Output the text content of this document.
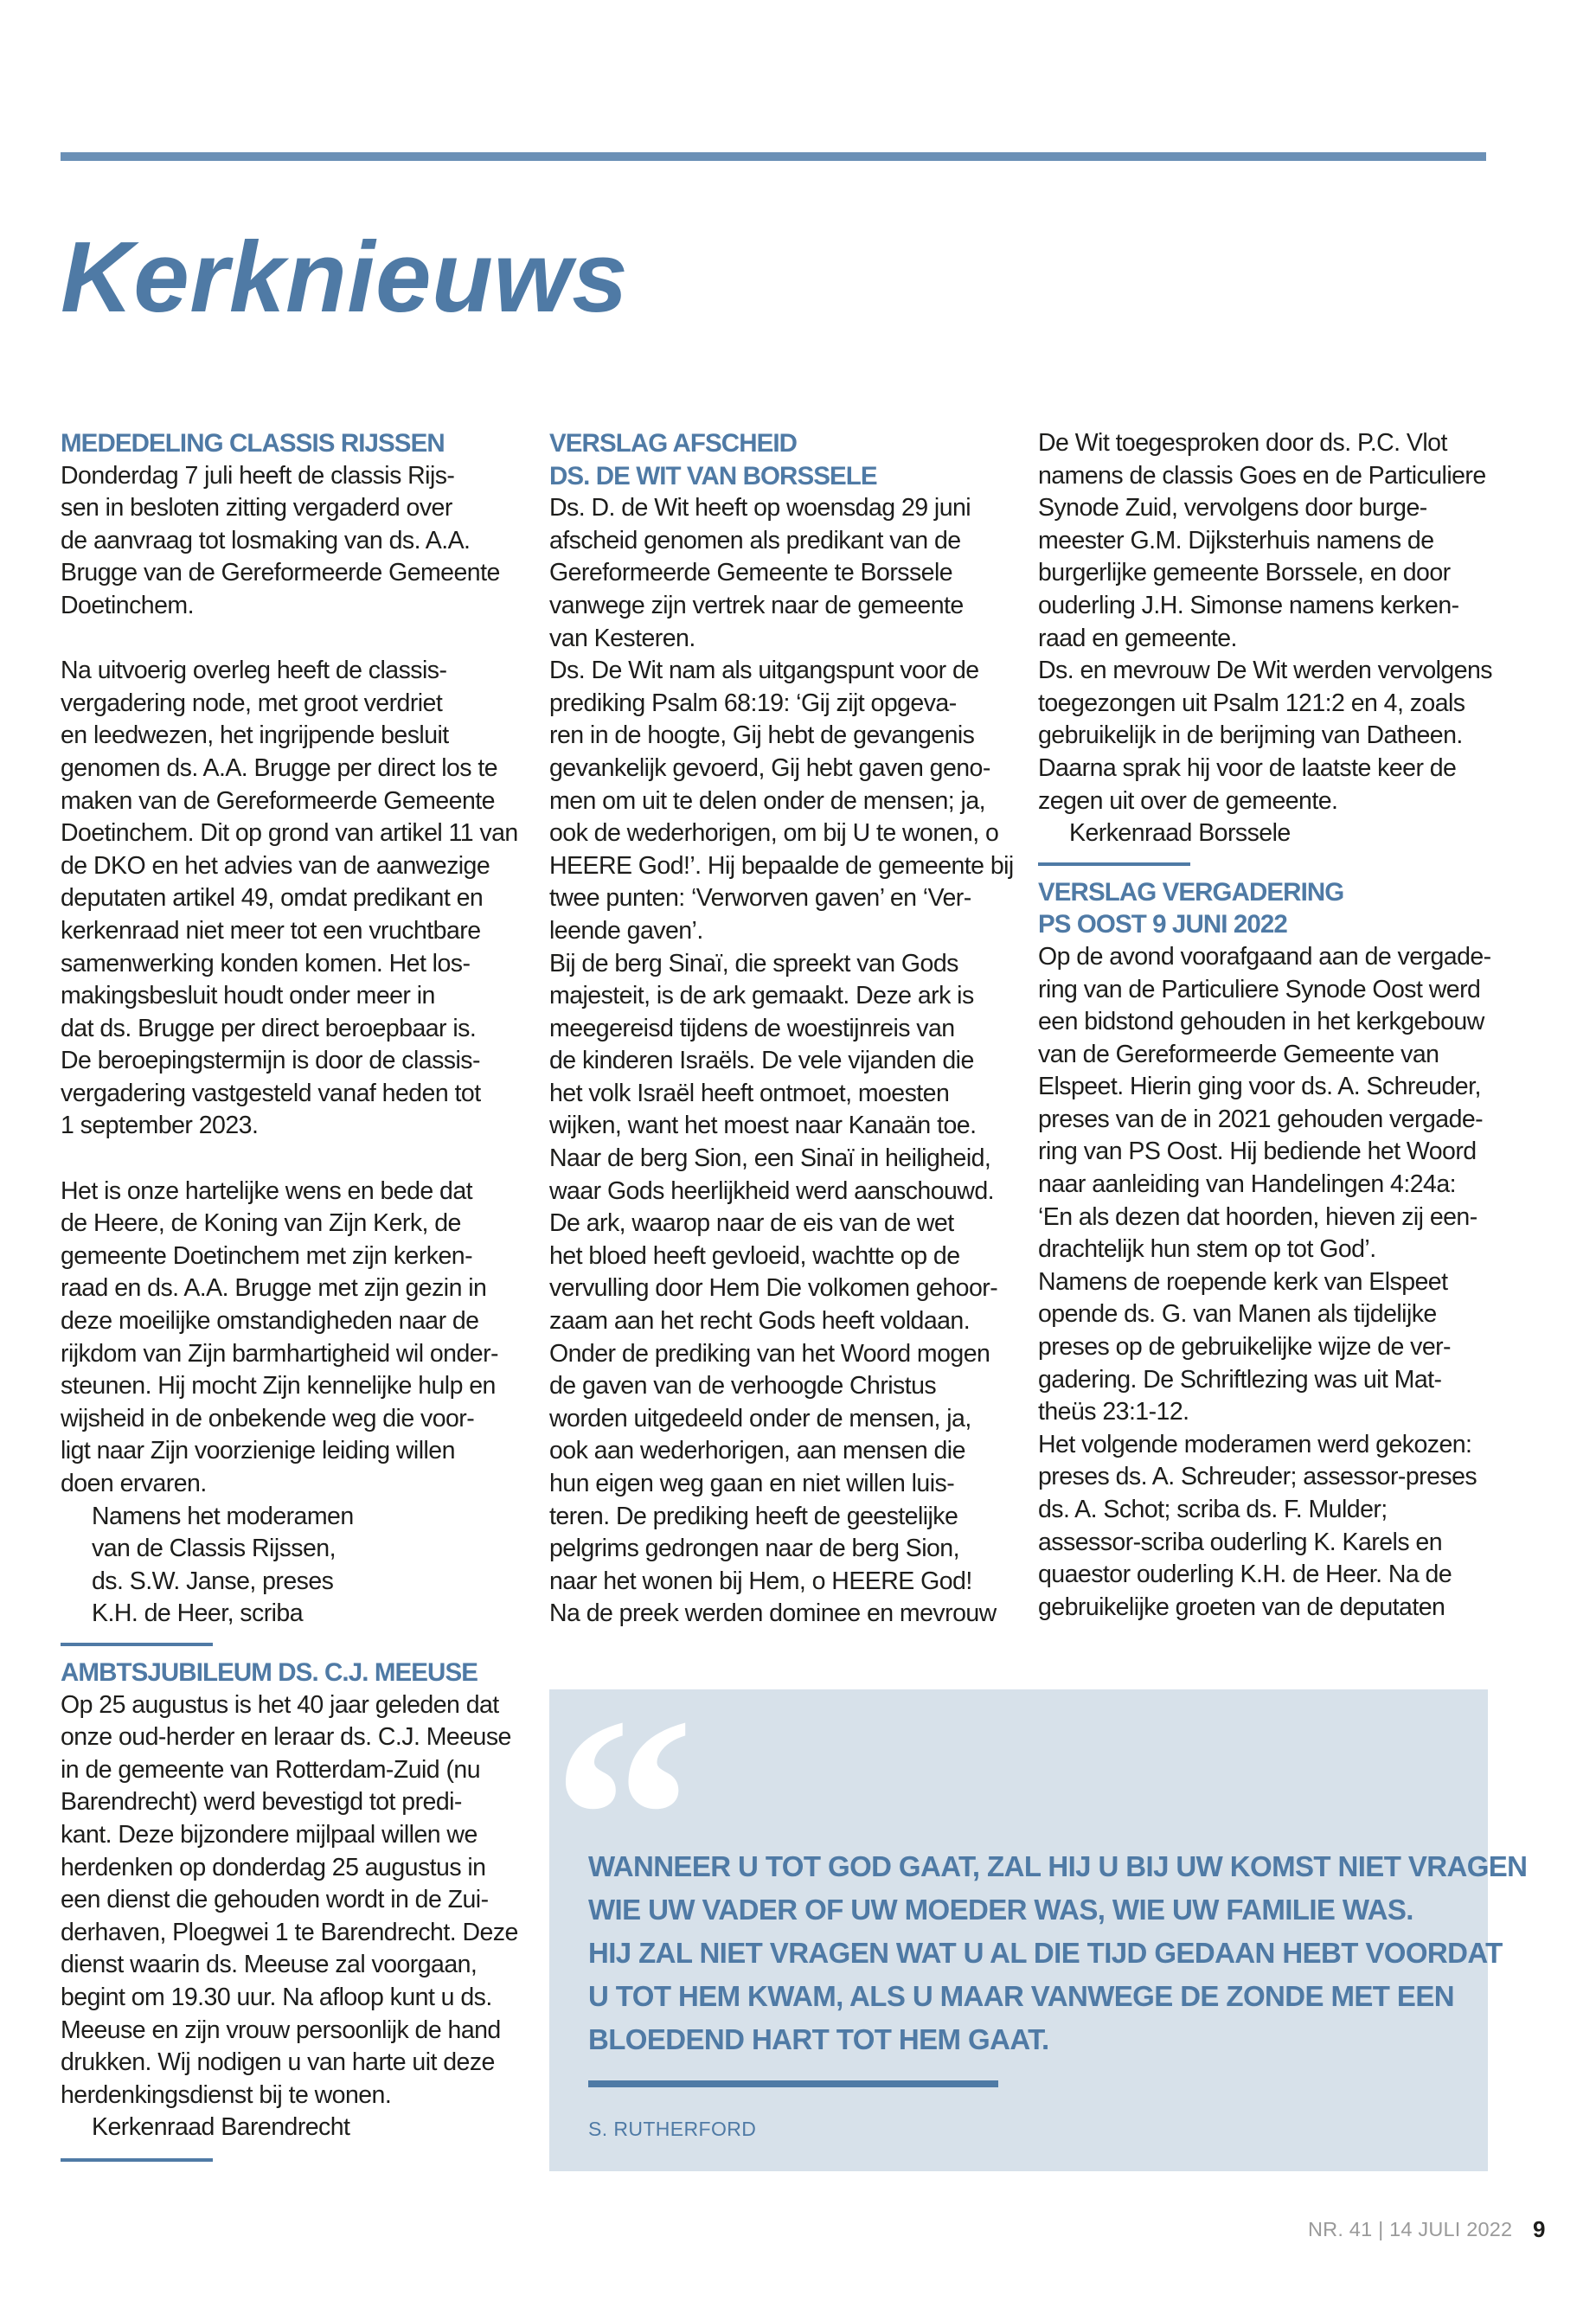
Kerknieuws
MEDEDELING CLASSIS RIJSSEN
Donderdag 7 juli heeft de classis Rijs-
sen in besloten zitting vergaderd over
de aanvraag tot losmaking van ds. A.A.
Brugge van de Gereformeerde Gemeente
Doetinchem.
Na uitvoerig overleg heeft de classis-
vergadering node, met groot verdriet
en leedwezen, het ingrijpende besluit
genomen ds. A.A. Brugge per direct los te
maken van de Gereformeerde Gemeente
Doetinchem. Dit op grond van artikel 11 van
de DKO en het advies van de aanwezige
deputaten artikel 49, omdat predikant en
kerkenraad niet meer tot een vruchtbare
samenwerking konden komen. Het los-
makingsbesluit houdt onder meer in
dat ds. Brugge per direct beroepbaar is.
De beroepingstermijn is door de classis-
vergadering vastgesteld vanaf heden tot
1 september 2023.
Het is onze hartelijke wens en bede dat
de Heere, de Koning van Zijn Kerk, de
gemeente Doetinchem met zijn kerken-
raad en ds. A.A. Brugge met zijn gezin in
deze moeilijke omstandigheden naar de
rijkdom van Zijn barmhartigheid wil onder-
steunen. Hij mocht Zijn kennelijke hulp en
wijsheid in de onbekende weg die voor-
ligt naar Zijn voorzienige leiding willen
doen ervaren.
Namens het moderamen
van de Classis Rijssen,
ds. S.W. Janse, preses
K.H. de Heer, scriba
AMBTSJUBILEUM DS. C.J. MEEUSE
Op 25 augustus is het 40 jaar geleden dat
onze oud-herder en leraar ds. C.J. Meeuse
in de gemeente van Rotterdam-Zuid (nu
Barendrecht) werd bevestigd tot predi-
kant. Deze bijzondere mijlpaal willen we
herdenken op donderdag 25 augustus in
een dienst die gehouden wordt in de Zui-
derhaven, Ploegwei 1 te Barendrecht. Deze
dienst waarin ds. Meeuse zal voorgaan,
begint om 19.30 uur. Na afloop kunt u ds.
Meeuse en zijn vrouw persoonlijk de hand
drukken. Wij nodigen u van harte uit deze
herdenkingsdienst bij te wonen.
Kerkenraad Barendrecht
VERSLAG AFSCHEID
DS. DE WIT VAN BORSSELE
Ds. D. de Wit heeft op woensdag 29 juni
afscheid genomen als predikant van de
Gereformeerde Gemeente te Borssele
vanwege zijn vertrek naar de gemeente
van Kesteren.
Ds. De Wit nam als uitgangspunt voor de
prediking Psalm 68:19: ‘Gij zijt opgeva-
ren in de hoogte, Gij hebt de gevangenis
gevankelijk gevoerd, Gij hebt gaven geno-
men om uit te delen onder de mensen; ja,
ook de wederhorigen, om bij U te wonen, o
HEERE God!’. Hij bepaalde de gemeente bij
twee punten: ‘Verworven gaven’ en ‘Ver-
leende gaven’.
Bij de berg Sinaï, die spreekt van Gods
majesteit, is de ark gemaakt. Deze ark is
meegereisd tijdens de woestijnreis van
de kinderen Israëls. De vele vijanden die
het volk Israël heeft ontmoet, moesten
wijken, want het moest naar Kanaän toe.
Naar de berg Sion, een Sinaï in heiligheid,
waar Gods heerlijkheid werd aanschouwd.
De ark, waarop naar de eis van de wet
het bloed heeft gevloeid, wachtte op de
vervulling door Hem Die volkomen gehoor-
zaam aan het recht Gods heeft voldaan.
Onder de prediking van het Woord mogen
de gaven van de verhoogde Christus
worden uitgedeeld onder de mensen, ja,
ook aan wederhorigen, aan mensen die
hun eigen weg gaan en niet willen luis-
teren. De prediking heeft de geestelijke
pelgrims gedrongen naar de berg Sion,
naar het wonen bij Hem, o HEERE God!
Na de preek werden dominee en mevrouw
De Wit toegesproken door ds. P.C. Vlot
namens de classis Goes en de Particuliere
Synode Zuid, vervolgens door burge-
meester G.M. Dijksterhuis namens de
burgerlijke gemeente Borssele, en door
ouderling J.H. Simonse namens kerken-
raad en gemeente.
Ds. en mevrouw De Wit werden vervolgens
toegezongen uit Psalm 121:2 en 4, zoals
gebruikelijk in de berijming van Datheen.
Daarna sprak hij voor de laatste keer de
zegen uit over de gemeente.
Kerkenraad Borssele
VERSLAG VERGADERING
PS OOST 9 JUNI 2022
Op de avond voorafgaand aan de vergade-
ring van de Particuliere Synode Oost werd
een bidstond gehouden in het kerkgebouw
van de Gereformeerde Gemeente van
Elspeet. Hierin ging voor ds. A. Schreuder,
preses van de in 2021 gehouden vergade-
ring van PS Oost. Hij bediende het Woord
naar aanleiding van Handelingen 4:24a:
‘En als dezen dat hoorden, hieven zij een-
drachtelijk hun stem op tot God’.
Namens de roepende kerk van Elspeet
opende ds. G. van Manen als tijdelijke
preses op de gebruikelijke wijze de ver-
gadering. De Schriftlezing was uit Mat-
theüs 23:1-12.
Het volgende moderamen werd gekozen:
preses ds. A. Schreuder; assessor-preses
ds. A. Schot; scriba ds. F. Mulder;
assessor-scriba ouderling K. Karels en
quaestor ouderling K.H. de Heer. Na de
gebruikelijke groeten van de deputaten
“
WANNEER U TOT GOD GAAT, ZAL HIJ U BIJ UW KOMST NIET VRAGEN
WIE UW VADER OF UW MOEDER WAS, WIE UW FAMILIE WAS.
HIJ ZAL NIET VRAGEN WAT U AL DIE TIJD GEDAAN HEBT VOORDAT
U TOT HEM KWAM, ALS U MAAR VANWEGE DE ZONDE MET EEN
BLOEDEND HART TOT HEM GAAT.
S. RUTHERFORD
NR. 41 | 14 JULI 2022 9
